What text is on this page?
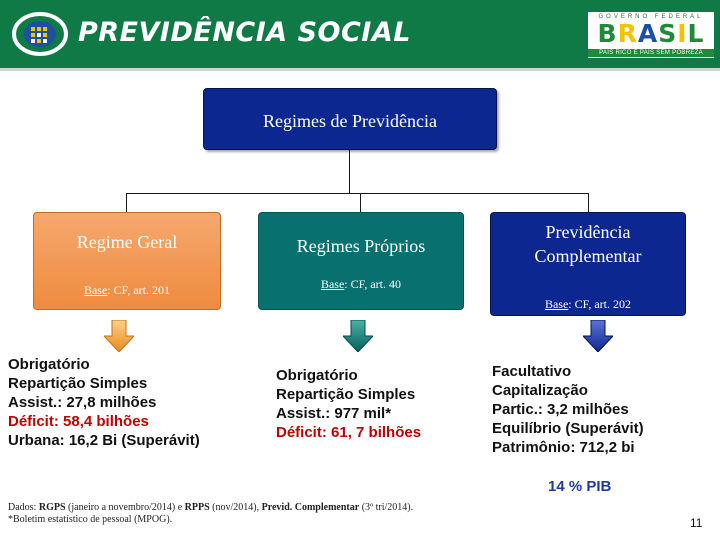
PREVIDÊNCIA SOCIAL	GOVERNO FEDERAL
BRASIL
PAÍS RICO É PAÍS SEM POBREZA
Regimes de Previdência
Regime Geral
Base: CF, art. 201
Regimes Próprios
Base: CF, art. 40
Previdência
Complementar
Base: CF, art. 202
Obrigatório
Repartição Simples
Assist.: 27,8 milhões
Déficit: 58,4 bilhões
Urbana: 16,2 Bi (Superávit)
Obrigatório
Repartição Simples
Assist.: 977 mil*
Déficit: 61, 7 bilhões
Facultativo
Capitalização
Partic.: 3,2 milhões
Equilíbrio (Superávit)
Patrimônio: 712,2 bi
14 % PIB
Dados: RGPS (janeiro a novembro/2014) e RPPS (nov/2014), Previd. Complementar (3º tri/2014).
*Boletim estatístico de pessoal (MPOG).	11
